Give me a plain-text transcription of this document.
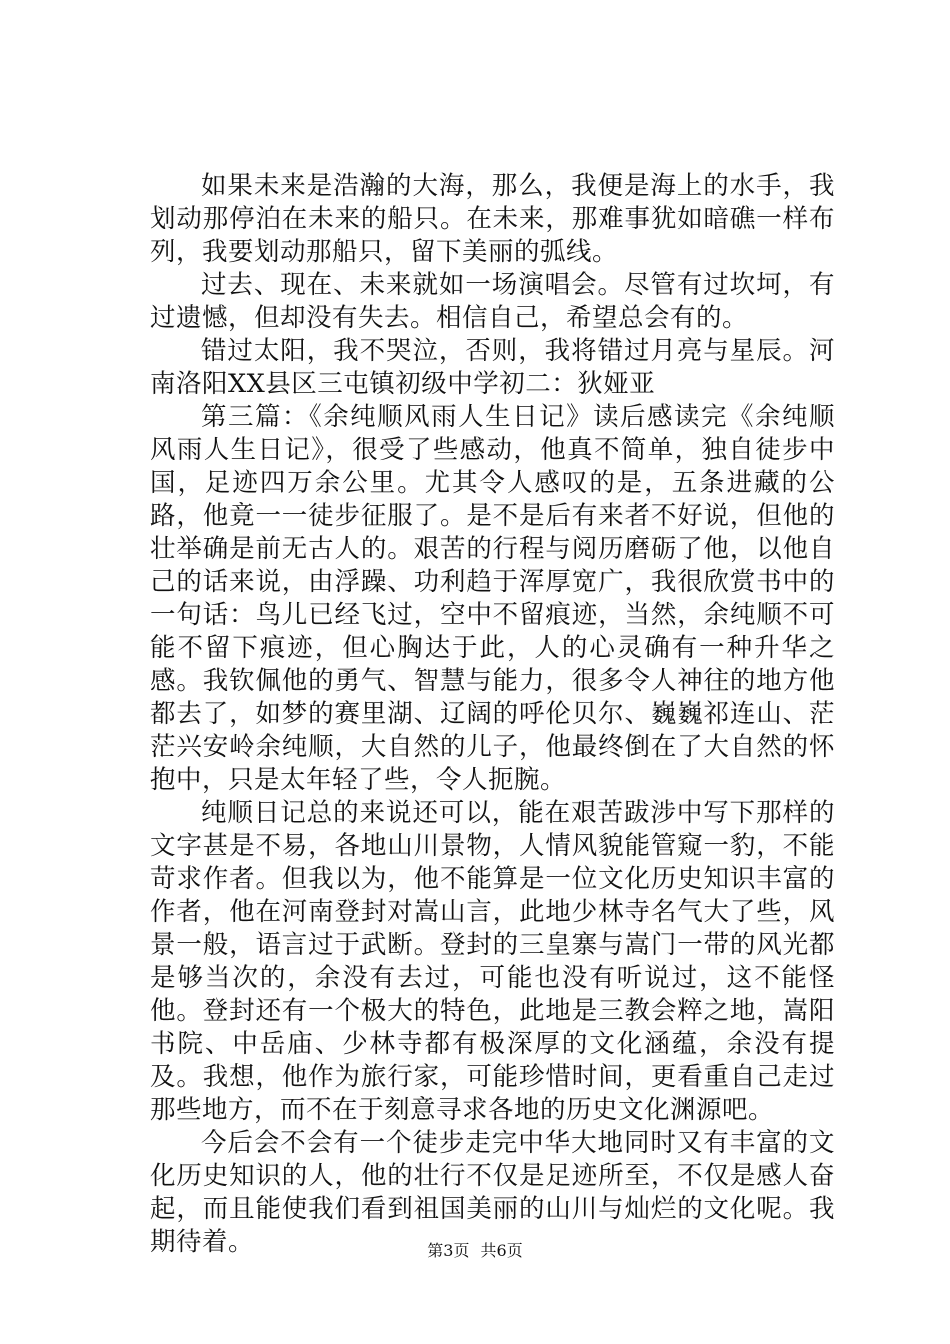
如果未来是浩瀚的大海，那么，我便是海上的水手，我划动那停泊在未来的船只。在未来，那难事犹如暗礁一样布列，我要划动那船只，留下美丽的弧线。

过去、现在、未来就如一场演唱会。尽管有过坎坷，有过遗憾，但却没有失去。相信自己，希望总会有的。

错过太阳，我不哭泣，否则，我将错过月亮与星辰。河南洛阳XX县区三屯镇初级中学初二：狄娅亚

第三篇：《余纯顺风雨人生日记》读后感读完《余纯顺风雨人生日记》，很受了些感动，他真不简单，独自徒步中国，足迹四万余公里。尤其令人感叹的是，五条进藏的公路，他竟一一徒步征服了。是不是后有来者不好说，但他的壮举确是前无古人的。艰苦的行程与阅历磨砺了他，以他自己的话来说，由浮躁、功利趋于浑厚宽广，我很欣赏书中的一句话：鸟儿已经飞过，空中不留痕迹，当然，余纯顺不可能不留下痕迹，但心胸达于此，人的心灵确有一种升华之感。我钦佩他的勇气、智慧与能力，很多令人神往的地方他都去了，如梦的赛里湖、辽阔的呼伦贝尔、巍巍祁连山、茫茫兴安岭余纯顺，大自然的儿子，他最终倒在了大自然的怀抱中，只是太年轻了些，令人扼腕。

纯顺日记总的来说还可以，能在艰苦跋涉中写下那样的文字甚是不易，各地山川景物，人情风貌能管窥一豹，不能苛求作者。但我以为，他不能算是一位文化历史知识丰富的作者，他在河南登封对嵩山言，此地少林寺名气大了些，风景一般，语言过于武断。登封的三皇寨与嵩门一带的风光都是够当次的，余没有去过，可能也没有听说过，这不能怪他。登封还有一个极大的特色，此地是三教会粹之地，嵩阳书院、中岳庙、少林寺都有极深厚的文化涵蕴，余没有提及。我想，他作为旅行家，可能珍惜时间，更看重自己走过那些地方，而不在于刻意寻求各地的历史文化渊源吧。

今后会不会有一个徒步走完中华大地同时又有丰富的文化历史知识的人，他的壮行不仅是足迹所至，不仅是感人奋起，而且能使我们看到祖国美丽的山川与灿烂的文化呢。我期待着。	第3页 共6页
